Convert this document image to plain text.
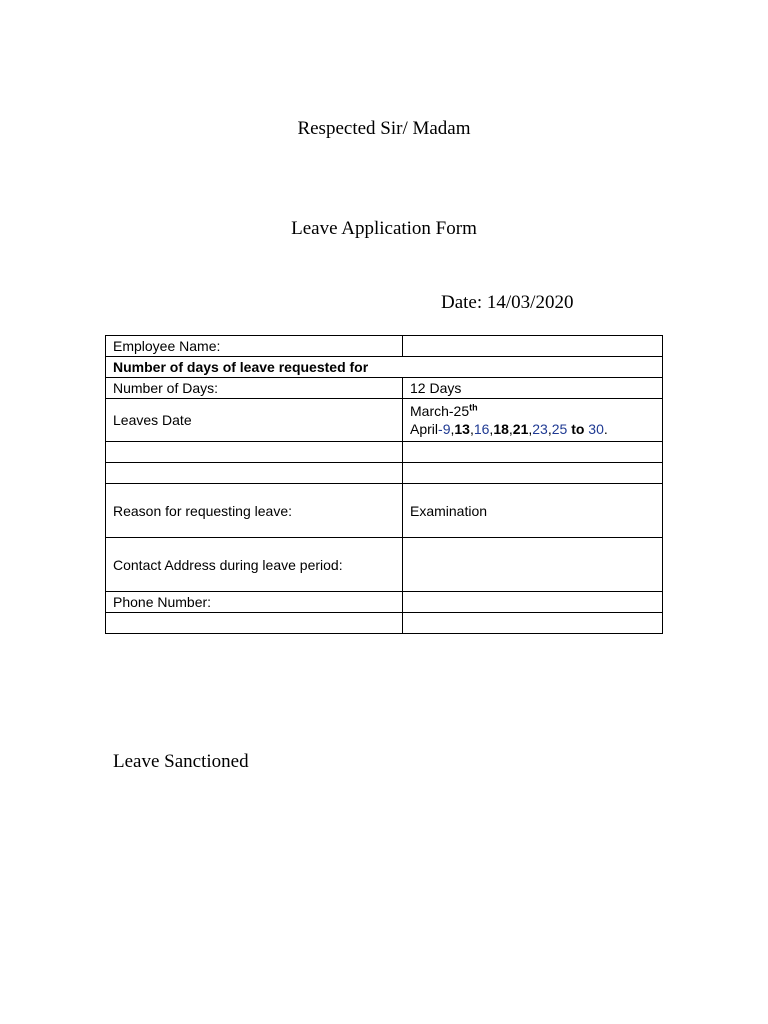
Respected Sir/ Madam
Leave Application Form
Date: 14/03/2020
Employee Name:	
Number of days of leave requested for	
Number of Days:	12 Days
Leaves Date	March-25th
April-9,13,16,18,21,23,25 to 30.

Reason for requesting leave:	Examination
Contact Address during leave period:	
Phone Number:	

Leave Sanctioned
